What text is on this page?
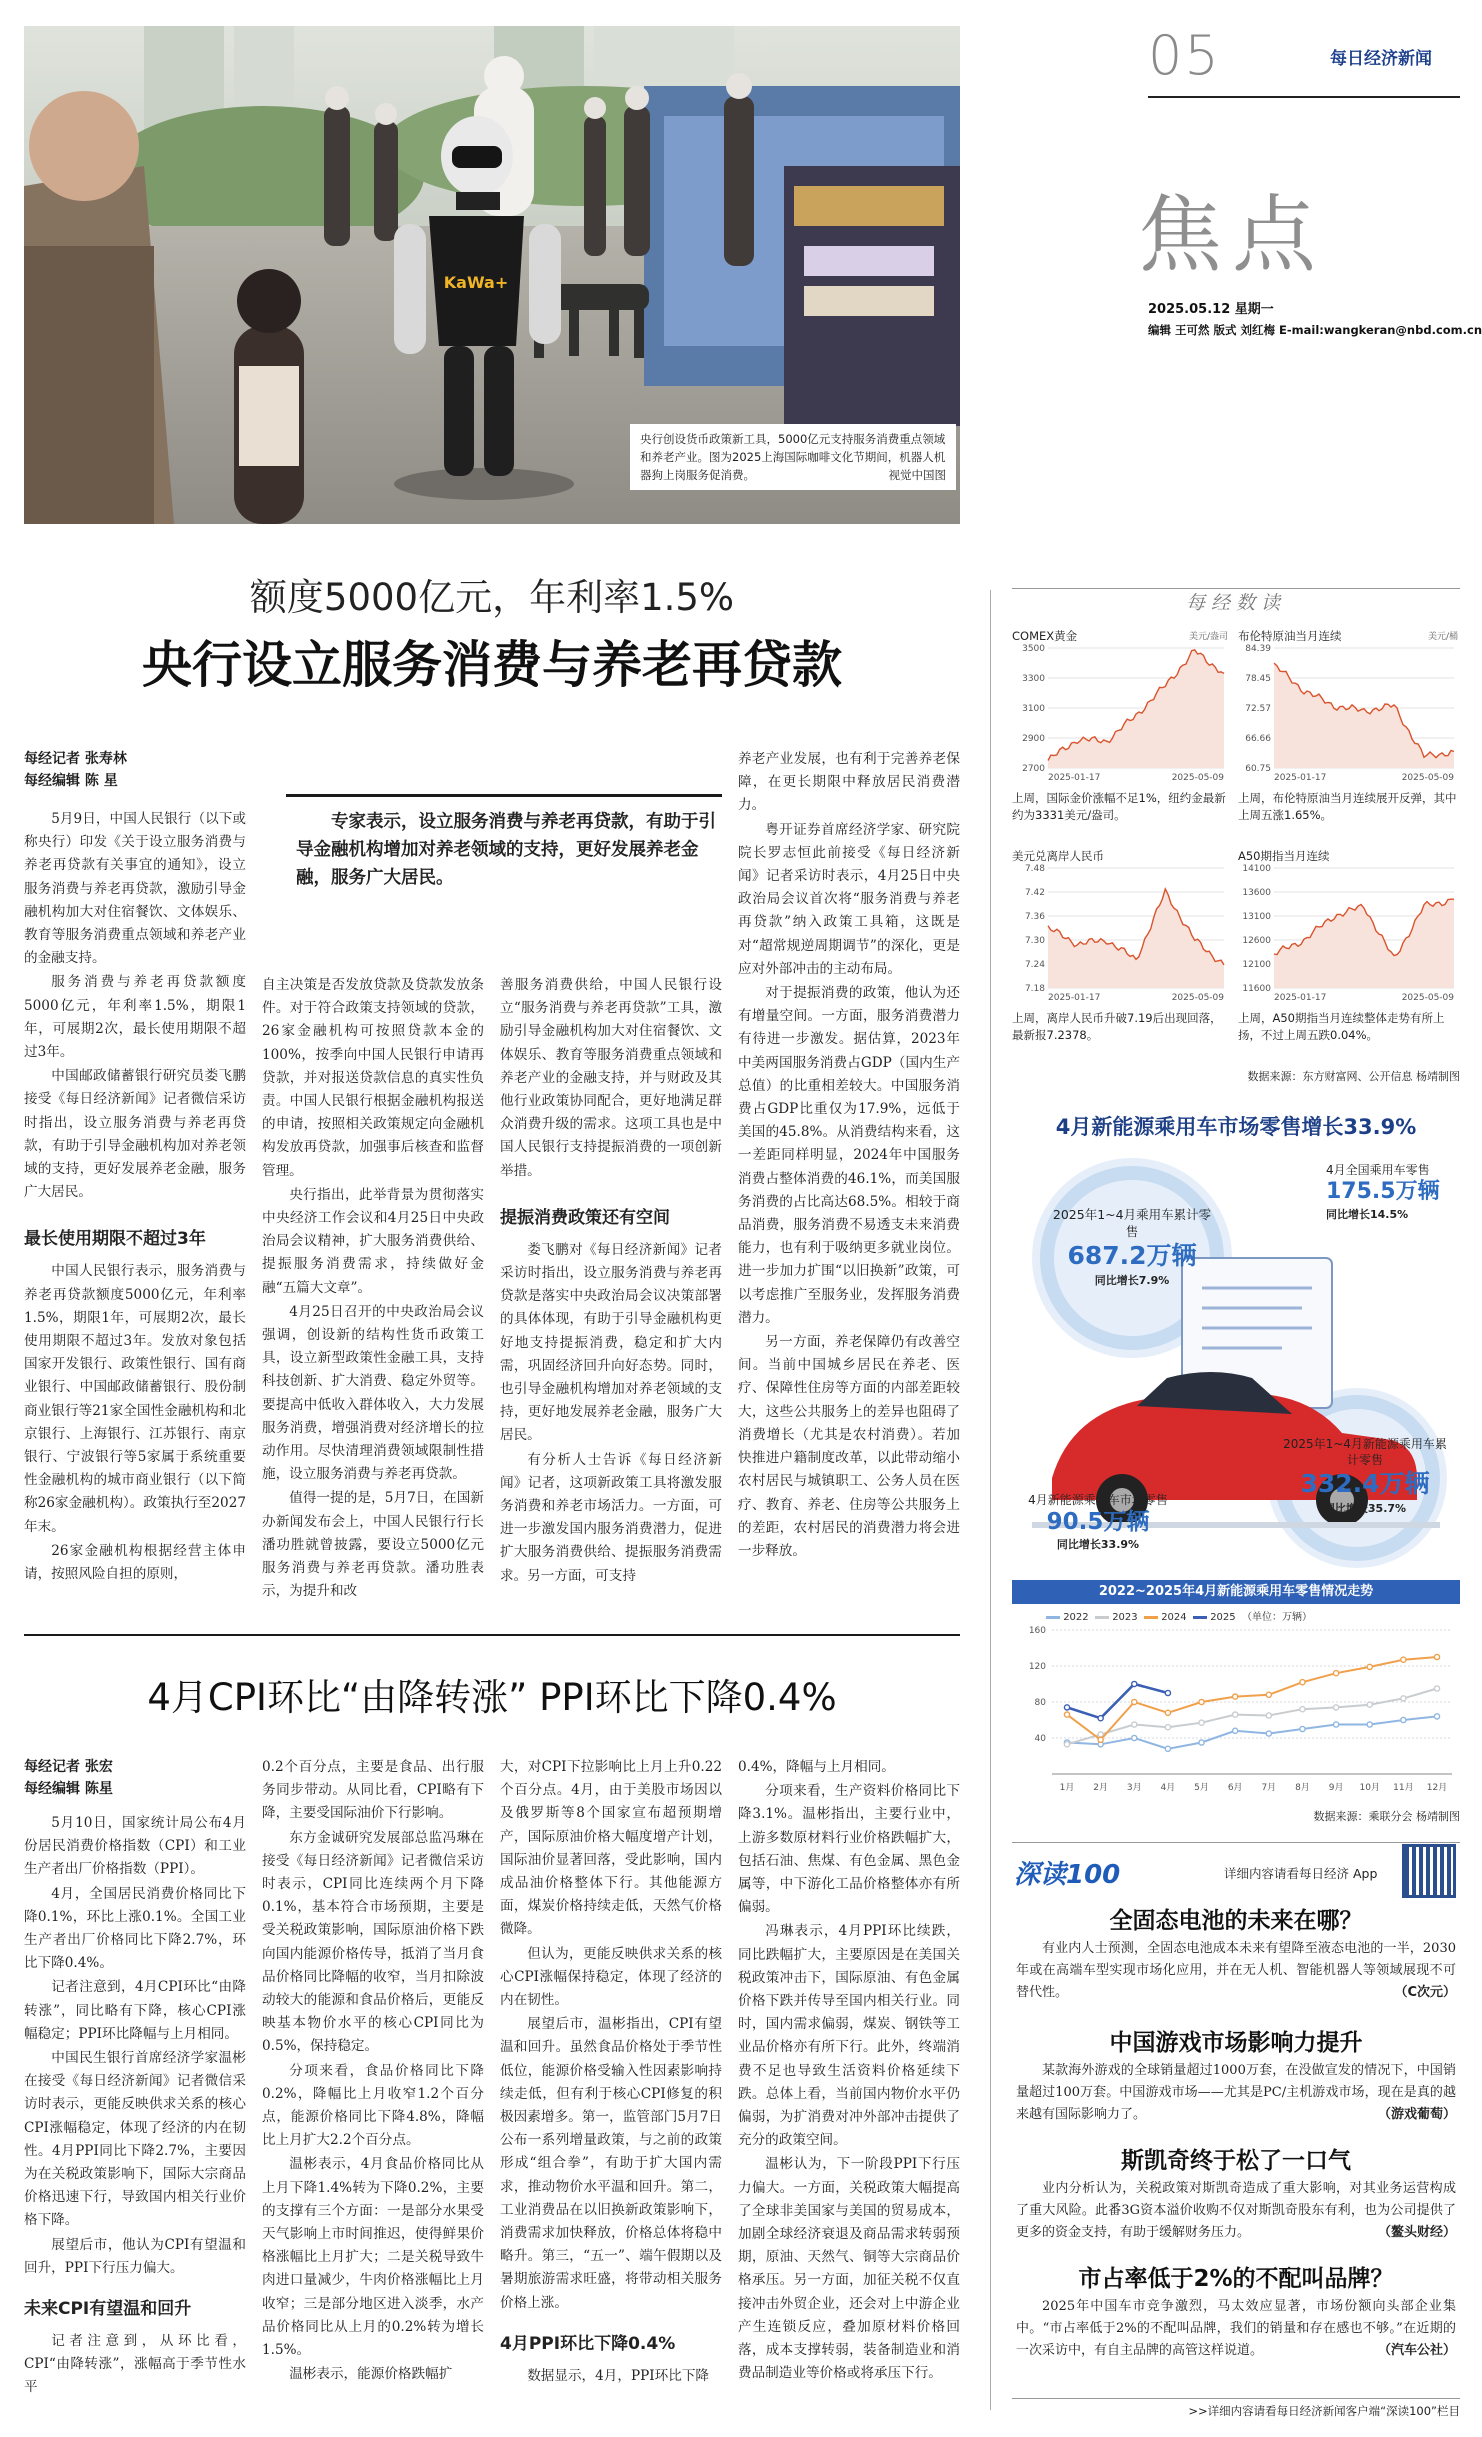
05	每日经济新闻
焦点
2025.05.12 星期一
编辑 王可然 版式 刘红梅 E-mail:wangkeran@nbd.com.cn
KaWa+
央行创设货币政策新工具，5000亿元支持服务消费重点领域和养老产业。图为2025上海国际咖啡文化节期间，机器人机器狗上岗服务促消费。	视觉中国图
额度5000亿元，年利率1.5%
央行设立服务消费与养老再贷款
每经记者 张寿林
每经编辑 陈 星
专家表示，设立服务消费与养老再贷款，有助于引导金融机构增加对养老领域的支持，更好发展养老金融，服务广大居民。

5月9日，中国人民银行（以下或称央行）印发《关于设立服务消费与养老再贷款有关事宜的通知》，设立服务消费与养老再贷款，激励引导金融机构加大对住宿餐饮、文体娱乐、教育等服务消费重点领域和养老产业的金融支持。

服务消费与养老再贷款额度5000亿元，年利率1.5%，期限1年，可展期2次，最长使用期限不超过3年。

中国邮政储蓄银行研究员娄飞鹏接受《每日经济新闻》记者微信采访时指出，设立服务消费与养老再贷款，有助于引导金融机构加对养老领域的支持，更好发展养老金融，服务广大居民。

最长使用期限不超过3年

中国人民银行表示，服务消费与养老再贷款额度5000亿元，年利率1.5%，期限1年，可展期2次，最长使用期限不超过3年。发放对象包括国家开发银行、政策性银行、国有商业银行、中国邮政储蓄银行、股份制商业银行等21家全国性金融机构和北京银行、上海银行、江苏银行、南京银行、宁波银行等5家属于系统重要性金融机构的城市商业银行（以下简称26家金融机构）。政策执行至2027年末。

26家金融机构根据经营主体申请，按照风险自担的原则，

自主决策是否发放贷款及贷款发放条件。对于符合政策支持领域的贷款，26家金融机构可按照贷款本金的100%，按季向中国人民银行申请再贷款，并对报送贷款信息的真实性负责。中国人民银行根据金融机构报送的申请，按照相关政策规定向金融机构发放再贷款，加强事后核查和监督管理。

央行指出，此举背景为贯彻落实中央经济工作会议和4月25日中央政治局会议精神，扩大服务消费供给、提振服务消费需求，持续做好金融“五篇大文章”。

4月25日召开的中央政治局会议强调，创设新的结构性货币政策工具，设立新型政策性金融工具，支持科技创新、扩大消费、稳定外贸等。要提高中低收入群体收入，大力发展服务消费，增强消费对经济增长的拉动作用。尽快清理消费领域限制性措施，设立服务消费与养老再贷款。

值得一提的是，5月7日，在国新办新闻发布会上，中国人民银行行长潘功胜就曾披露，要设立5000亿元服务消费与养老再贷款。潘功胜表示，为提升和改

善服务消费供给，中国人民银行设立“服务消费与养老再贷款”工具，激励引导金融机构加大对住宿餐饮、文体娱乐、教育等服务消费重点领域和养老产业的金融支持，并与财政及其他行业政策协同配合，更好地满足群众消费升级的需求。这项工具也是中国人民银行支持提振消费的一项创新举措。

提振消费政策还有空间

娄飞鹏对《每日经济新闻》记者采访时指出，设立服务消费与养老再贷款是落实中央政治局会议决策部署的具体体现，有助于引导金融机构更好地支持提振消费，稳定和扩大内需，巩固经济回升向好态势。同时，也引导金融机构增加对养老领域的支持，更好地发展养老金融，服务广大居民。

有分析人士告诉《每日经济新闻》记者，这项新政策工具将激发服务消费和养老市场活力。一方面，可进一步激发国内服务消费潜力，促进扩大服务消费供给、提振服务消费需求。另一方面，可支持

养老产业发展，也有利于完善养老保障，在更长期限中释放居民消费潜力。

粤开证券首席经济学家、研究院院长罗志恒此前接受《每日经济新闻》记者采访时表示，4月25日中央政治局会议首次将“服务消费与养老再贷款”纳入政策工具箱，这既是对“超常规逆周期调节”的深化，更是应对外部冲击的主动布局。

对于提振消费的政策，他认为还有增量空间。一方面，服务消费潜力有待进一步激发。据估算，2023年中美两国服务消费占GDP（国内生产总值）的比重相差较大。中国服务消费占GDP比重仅为17.9%，远低于美国的45.8%。从消费结构来看，这一差距同样明显，2024年中国服务消费占整体消费的46.1%，而美国服务消费的占比高达68.5%。相较于商品消费，服务消费不易透支未来消费能力，也有利于吸纳更多就业岗位。进一步加力扩围“以旧换新”政策，可以考虑推广至服务业，发挥服务消费潜力。

另一方面，养老保障仍有改善空间。当前中国城乡居民在养老、医疗、保障性住房等方面的内部差距较大，这些公共服务上的差异也阻碍了消费增长（尤其是农村消费）。若加快推进户籍制度改革，以此带动缩小农村居民与城镇职工、公务人员在医疗、教育、养老、住房等公共服务上的差距，农村居民的消费潜力将会进一步释放。

4月CPI环比“由降转涨” PPI环比下降0.4%
每经记者 张宏
每经编辑 陈星

5月10日，国家统计局公布4月份居民消费价格指数（CPI）和工业生产者出厂价格指数（PPI）。

4月，全国居民消费价格同比下降0.1%，环比上涨0.1%。全国工业生产者出厂价格同比下降2.7%，环比下降0.4%。

记者注意到，4月CPI环比“由降转涨”，同比略有下降，核心CPI涨幅稳定；PPI环比降幅与上月相同。

中国民生银行首席经济学家温彬在接受《每日经济新闻》记者微信采访时表示，更能反映供求关系的核心CPI涨幅稳定，体现了经济的内在韧性。4月PPI同比下降2.7%，主要因为在关税政策影响下，国际大宗商品价格迅速下行，导致国内相关行业价格下降。

展望后市，他认为CPI有望温和回升，PPI下行压力偏大。

未来CPI有望温和回升

记者注意到，从环比看，CPI“由降转涨”，涨幅高于季节性水平

0.2个百分点，主要是食品、出行服务同步带动。从同比看，CPI略有下降，主要受国际油价下行影响。

东方金诚研究发展部总监冯琳在接受《每日经济新闻》记者微信采访时表示，CPI同比连续两个月下降0.1%，基本符合市场预期，主要是受关税政策影响，国际原油价格下跌向国内能源价格传导，抵消了当月食品价格同比降幅的收窄，当月扣除波动较大的能源和食品价格后，更能反映基本物价水平的核心CPI同比为0.5%，保持稳定。

分项来看，食品价格同比下降0.2%，降幅比上月收窄1.2个百分点，能源价格同比下降4.8%，降幅比上月扩大2.2个百分点。

温彬表示，4月食品价格同比从上月下降1.4%转为下降0.2%，主要的支撑有三个方面：一是部分水果受天气影响上市时间推迟，使得鲜果价格涨幅比上月扩大；二是关税导致牛肉进口量减少，牛肉价格涨幅比上月收窄；三是部分地区进入淡季，水产品价格同比从上月的0.2%转为增长1.5%。

温彬表示，能源价格跌幅扩

大，对CPI下拉影响比上月上升0.22个百分点。4月，由于美股市场因以及俄罗斯等8个国家宣布超预期增产，国际原油价格大幅度增产计划，国际油价显著回落，受此影响，国内成品油价格整体下行。其他能源方面，煤炭价格持续走低，天然气价格微降。

但认为，更能反映供求关系的核心CPI涨幅保持稳定，体现了经济的内在韧性。

展望后市，温彬指出，CPI有望温和回升。虽然食品价格处于季节性低位，能源价格受输入性因素影响持续走低，但有利于核心CPI修复的积极因素增多。第一，监管部门5月7日公布一系列增量政策，与之前的政策形成“组合拳”，有助于扩大国内需求，推动物价水平温和回升。第二，工业消费品在以旧换新政策影响下，消费需求加快释放，价格总体将稳中略升。第三，“五一”、端午假期以及暑期旅游需求旺盛，将带动相关服务价格上涨。

4月PPI环比下降0.4%

数据显示，4月，PPI环比下降

0.4%，降幅与上月相同。

分项来看，生产资料价格同比下降3.1%。温彬指出，主要行业中，上游多数原材料行业价格跌幅扩大，包括石油、焦煤、有色金属、黑色金属等，中下游化工品价格整体亦有所偏弱。

冯琳表示，4月PPI环比续跌，同比跌幅扩大，主要原因是在美国关税政策冲击下，国际原油、有色金属价格下跌并传导至国内相关行业。同时，国内需求偏弱，煤炭、钢铁等工业品价格亦有所下行。此外，终端消费不足也导致生活资料价格延续下跌。总体上看，当前国内物价水平仍偏弱，为扩消费对冲外部冲击提供了充分的政策空间。

温彬认为，下一阶段PPI下行压力偏大。一方面，关税政策大幅提高了全球非美国家与美国的贸易成本，加剧全球经济衰退及商品需求转弱预期，原油、天然气、铜等大宗商品价格承压。另一方面，加征关税不仅直接冲击外贸企业，还会对上中游企业产生连锁反应，叠加原材料价格回落，成本支撑转弱，装备制造业和消费品制造业等价格或将承压下行。

每经数读
COMEX黄金	美元/盎司
3500
3300
3100
2900
2700
2025-01-17	2025-05-09
上周，国际金价涨幅不足1%，纽约金最新约为3331美元/盎司。
布伦特原油当月连续	美元/桶
84.39
78.45
72.57
66.66
60.75
2025-01-17	2025-05-09
上周，布伦特原油当月连续展开反弹，其中上周五涨1.65%。
美元兑离岸人民币
7.48
7.42
7.36
7.30
7.24
7.18
2025-01-17	2025-05-09
上周，离岸人民币升破7.19后出现回落，最新报7.2378。
A50期指当月连续
14100
13600
13100
12600
12100
11600
2025-01-17	2025-05-09
上周，A50期指当月连续整体走势有所上扬，不过上周五跌0.04%。
数据来源：东方财富网、公开信息 杨靖制图
4月新能源乘用车市场零售增长33.9%
2025年1~4月乘用车累计零售
687.2万辆
同比增长7.9%
4月全国乘用车零售
175.5万辆
同比增长14.5%
2025年1~4月新能源乘用车累计零售
332.4万辆
同比增长35.7%
4月新能源乘用车市场零售
90.5万辆
同比增长33.9%
2022~2025年4月新能源乘用车零售情况走势
2022 2023 2024 2025 （单位：万辆）
160
120
80
40
1月 2月 3月 4月 5月 6月 7月 8月 9月 10月 11月 12月
数据来源：乘联分会 杨靖制图
深读100	详细内容请看每日经济 App
全固态电池的未来在哪？
有业内人士预测，全固态电池成本未来有望降至液态电池的一半，2030年或在高端车型实现市场化应用，并在无人机、智能机器人等领域展现不可替代性。	（C次元）
中国游戏市场影响力提升
某款海外游戏的全球销量超过1000万套，在没做宣发的情况下，中国销量超过100万套。中国游戏市场——尤其是PC/主机游戏市场，现在是真的越来越有国际影响力了。	（游戏葡萄）
斯凯奇终于松了一口气
业内分析认为，关税政策对斯凯奇造成了重大影响，对其业务运营构成了重大风险。此番3G资本溢价收购不仅对斯凯奇股东有利，也为公司提供了更多的资金支持，有助于缓解财务压力。	（鳌头财经）
市占率低于2%的不配叫品牌？
2025年中国车市竞争激烈，马太效应显著，市场份额向头部企业集中。“市占率低于2%的不配叫品牌，我们的销量和存在感也不够。”在近期的一次采访中，有自主品牌的高管这样说道。	（汽车公社）
>>详细内容请看每日经济新闻客户端“深读100”栏目
